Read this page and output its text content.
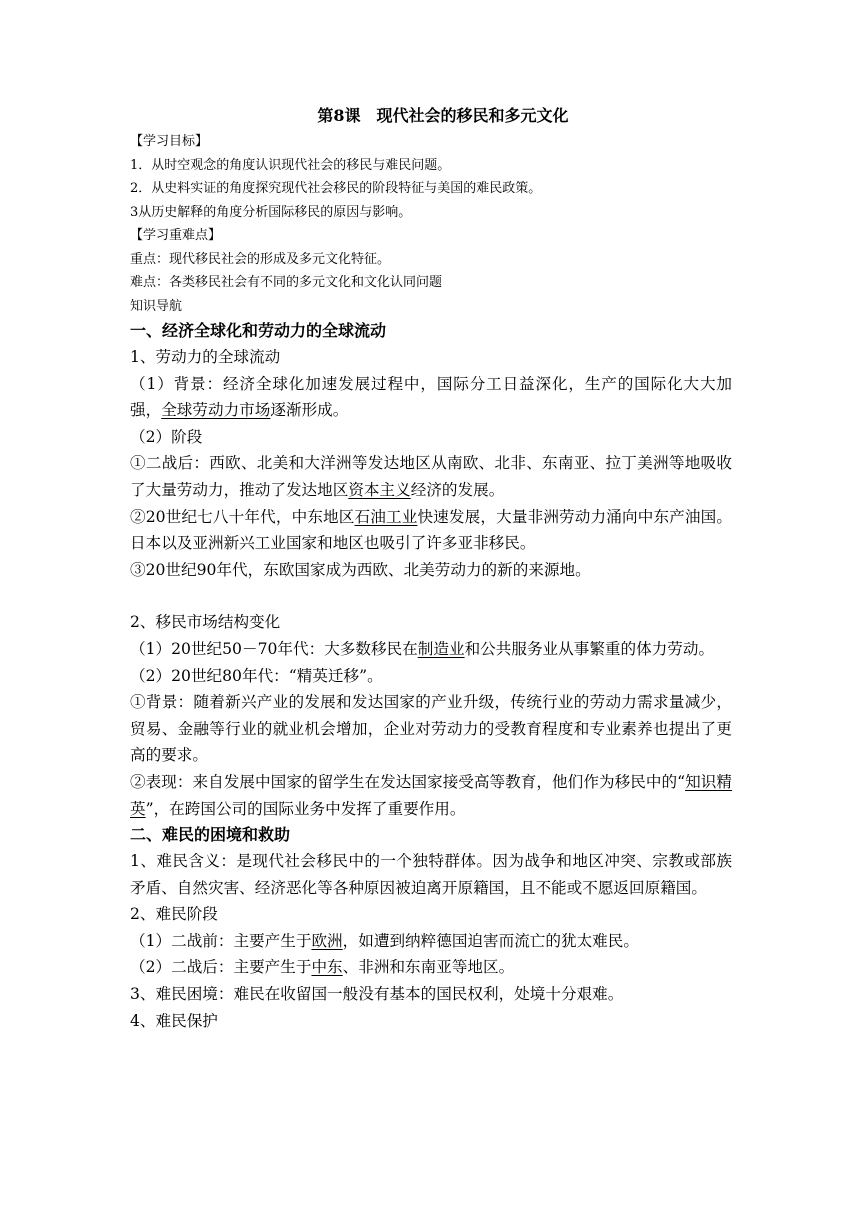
第8课　现代社会的移民和多元文化
【学习目标】
1．从时空观念的角度认识现代社会的移民与难民问题。
2．从史料实证的角度探究现代社会移民的阶段特征与美国的难民政策。
3从历史解释的角度分析国际移民的原因与影响。
【学习重难点】
重点：现代移民社会的形成及多元文化特征。
难点：各类移民社会有不同的多元文化和文化认同问题
知识导航
一、经济全球化和劳动力的全球流动
1、劳动力的全球流动
（1）背景：经济全球化加速发展过程中，国际分工日益深化，生产的国际化大大加强，全球劳动力市场逐渐形成。
（2）阶段
①二战后：西欧、北美和大洋洲等发达地区从南欧、北非、东南亚、拉丁美洲等地吸收了大量劳动力，推动了发达地区资本主义经济的发展。
②20世纪七八十年代，中东地区石油工业快速发展，大量非洲劳动力涌向中东产油国。日本以及亚洲新兴工业国家和地区也吸引了许多亚非移民。
③20世纪90年代，东欧国家成为西欧、北美劳动力的新的来源地。
2、移民市场结构变化
（1）20世纪50－70年代：大多数移民在制造业和公共服务业从事繁重的体力劳动。
（2）20世纪80年代：“精英迁移”。
①背景：随着新兴产业的发展和发达国家的产业升级，传统行业的劳动力需求量减少，贸易、金融等行业的就业机会增加，企业对劳动力的受教育程度和专业素养也提出了更高的要求。
②表现：来自发展中国家的留学生在发达国家接受高等教育，他们作为移民中的“知识精英”，在跨国公司的国际业务中发挥了重要作用。
二、难民的困境和救助
1、难民含义：是现代社会移民中的一个独特群体。因为战争和地区冲突、宗教或部族矛盾、自然灾害、经济恶化等各种原因被迫离开原籍国，且不能或不愿返回原籍国。
2、难民阶段
（1）二战前：主要产生于欧洲，如遭到纳粹德国迫害而流亡的犹太难民。
（2）二战后：主要产生于中东、非洲和东南亚等地区。
3、难民困境：难民在收留国一般没有基本的国民权利，处境十分艰难。
4、难民保护
